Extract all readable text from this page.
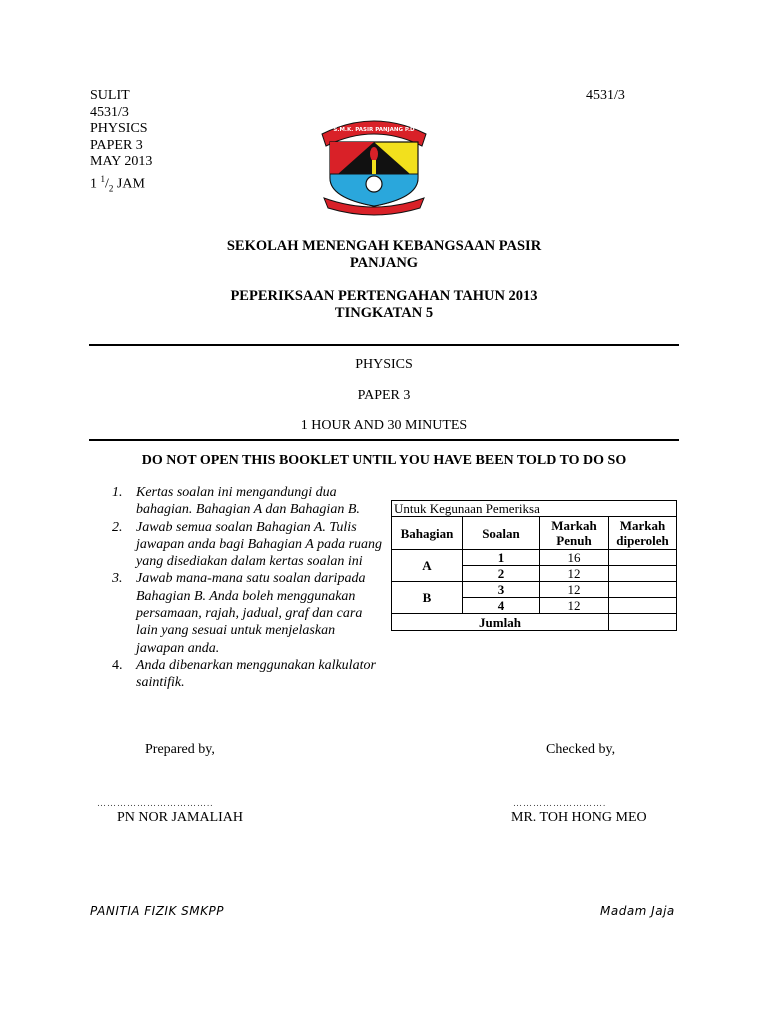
SULIT
4531/3
PHYSICS
PAPER 3
MAY 2013
1 $^1/_2$ JAM
4531/3
S.M.K. PASIR PANJANG P.D
SEKOLAH MENENGAH KEBANGSAAN PASIR
PANJANG
PEPERIKSAAN PERTENGAHAN TAHUN 2013
TINGKATAN 5
PHYSICS
PAPER 3
1 HOUR AND 30 MINUTES
DO NOT OPEN THIS BOOKLET UNTIL YOU HAVE BEEN TOLD TO DO SO
1. Kertas soalan ini mengandungi dua bahagian. Bahagian A dan Bahagian B.
2. Jawab semua soalan Bahagian A. Tulis jawapan anda bagi Bahagian A pada ruang yang disediakan dalam kertas soalan ini
3. Jawab mana-mana satu soalan daripada Bahagian B. Anda boleh menggunakan persamaan, rajah, jadual, graf dan cara lain yang sesuai untuk menjelaskan jawapan anda.
4. Anda dibenarkan menggunakan kalkulator saintifik.
Untuk Kegunaan Pemeriksa			
Bahagian	Soalan	Markah Penuh	Markah diperoleh
A	1	16	
	2	12	
B	3	12	
	4	12	
Jumlah			
Prepared by,	Checked by,
……………………………..	……………………….
PN NOR JAMALIAH	MR. TOH HONG MEO
PANITIA FIZIK SMKPP	Madam Jaja
